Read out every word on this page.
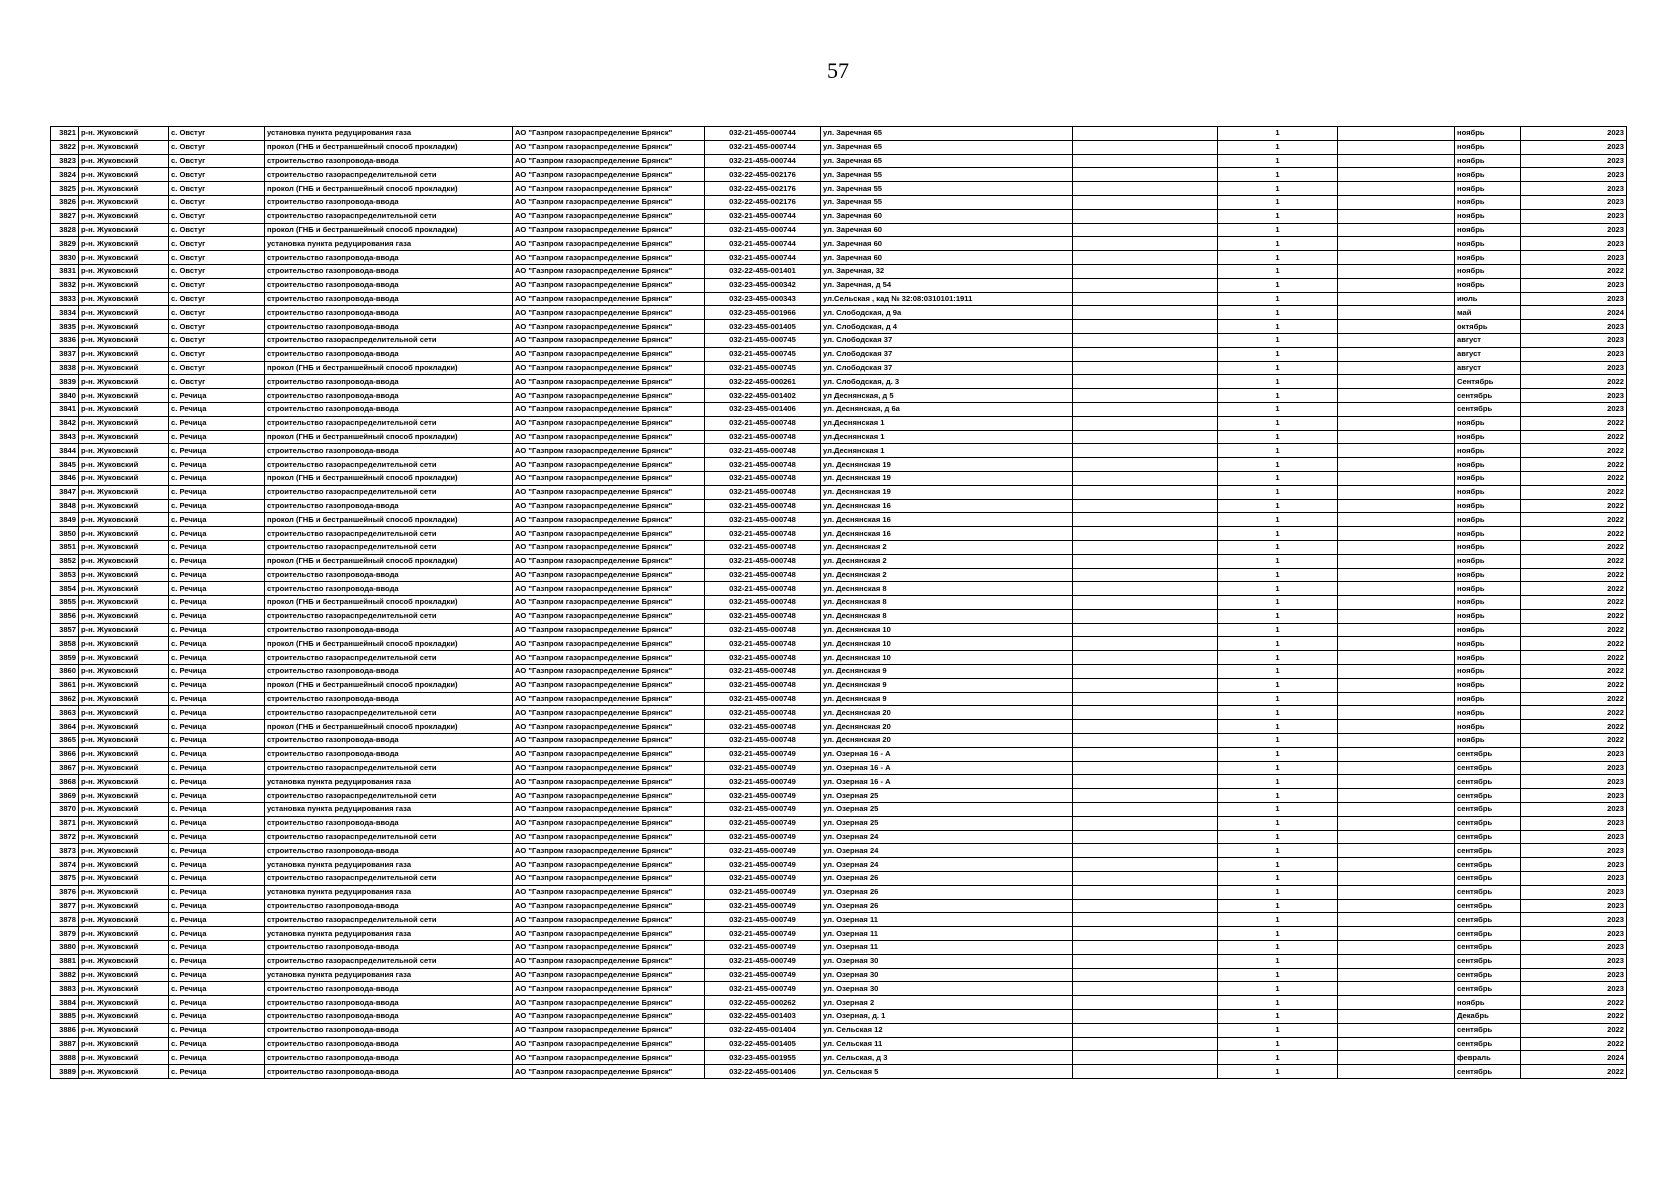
57
3821	р-н. Жуковский	с. Овстуг	установка пункта редуцирования газа	АО "Газпром газораспределение Брянск"	032-21-455-000744	ул. Заречная 65		1		ноябрь	2023
3822	р-н. Жуковский	с. Овстуг	прокол (ГНБ и бестраншейный способ прокладки)	АО "Газпром газораспределение Брянск"	032-21-455-000744	ул. Заречная 65		1		ноябрь	2023
3823	р-н. Жуковский	с. Овстуг	строительство газопровода-ввода	АО "Газпром газораспределение Брянск"	032-21-455-000744	ул. Заречная 65		1		ноябрь	2023
3824	р-н. Жуковский	с. Овстуг	строительство газораспределительной сети	АО "Газпром газораспределение Брянск"	032-22-455-002176	ул. Заречная 55		1		ноябрь	2023
3825	р-н. Жуковский	с. Овстуг	прокол (ГНБ и бестраншейный способ прокладки)	АО "Газпром газораспределение Брянск"	032-22-455-002176	ул. Заречная 55		1		ноябрь	2023
3826	р-н. Жуковский	с. Овстуг	строительство газопровода-ввода	АО "Газпром газораспределение Брянск"	032-22-455-002176	ул. Заречная 55		1		ноябрь	2023
3827	р-н. Жуковский	с. Овстуг	строительство газораспределительной сети	АО "Газпром газораспределение Брянск"	032-21-455-000744	ул. Заречная 60		1		ноябрь	2023
3828	р-н. Жуковский	с. Овстуг	прокол (ГНБ и бестраншейный способ прокладки)	АО "Газпром газораспределение Брянск"	032-21-455-000744	ул. Заречная 60		1		ноябрь	2023
3829	р-н. Жуковский	с. Овстуг	установка пункта редуцирования газа	АО "Газпром газораспределение Брянск"	032-21-455-000744	ул. Заречная 60		1		ноябрь	2023
3830	р-н. Жуковский	с. Овстуг	строительство газопровода-ввода	АО "Газпром газораспределение Брянск"	032-21-455-000744	ул. Заречная 60		1		ноябрь	2023
3831	р-н. Жуковский	с. Овстуг	строительство газопровода-ввода	АО "Газпром газораспределение Брянск"	032-22-455-001401	ул. Заречная, 32		1		ноябрь	2022
3832	р-н. Жуковский	с. Овстуг	строительство газопровода-ввода	АО "Газпром газораспределение Брянск"	032-23-455-000342	ул. Заречная, д 54		1		ноябрь	2023
3833	р-н. Жуковский	с. Овстуг	строительство газопровода-ввода	АО "Газпром газораспределение Брянск"	032-23-455-000343	ул.Сельская , кад № 32:08:0310101:1911		1		июль	2023
3834	р-н. Жуковский	с. Овстуг	строительство газопровода-ввода	АО "Газпром газораспределение Брянск"	032-23-455-001966	ул. Слободская, д 9а		1		май	2024
3835	р-н. Жуковский	с. Овстуг	строительство газопровода-ввода	АО "Газпром газораспределение Брянск"	032-23-455-001405	ул. Слободская, д 4		1		октябрь	2023
3836	р-н. Жуковский	с. Овстуг	строительство газораспределительной сети	АО "Газпром газораспределение Брянск"	032-21-455-000745	ул. Слободская 37		1		август	2023
3837	р-н. Жуковский	с. Овстуг	строительство газопровода-ввода	АО "Газпром газораспределение Брянск"	032-21-455-000745	ул. Слободская 37		1		август	2023
3838	р-н. Жуковский	с. Овстуг	прокол (ГНБ и бестраншейный способ прокладки)	АО "Газпром газораспределение Брянск"	032-21-455-000745	ул. Слободская 37		1		август	2023
3839	р-н. Жуковский	с. Овстуг	строительство газопровода-ввода	АО "Газпром газораспределение Брянск"	032-22-455-000261	ул. Слободская, д. 3		1		Сентябрь	2022
3840	р-н. Жуковский	с. Речица	строительство газопровода-ввода	АО "Газпром газораспределение Брянск"	032-22-455-001402	ул Деснянская, д 5		1		сентябрь	2023
3841	р-н. Жуковский	с. Речица	строительство газопровода-ввода	АО "Газпром газораспределение Брянск"	032-23-455-001406	ул. Деснянская, д 6а		1		сентябрь	2023
3842	р-н. Жуковский	с. Речица	строительство газораспределительной сети	АО "Газпром газораспределение Брянск"	032-21-455-000748	ул.Деснянская 1		1		ноябрь	2022
3843	р-н. Жуковский	с. Речица	прокол (ГНБ и бестраншейный способ прокладки)	АО "Газпром газораспределение Брянск"	032-21-455-000748	ул.Деснянская 1		1		ноябрь	2022
3844	р-н. Жуковский	с. Речица	строительство газопровода-ввода	АО "Газпром газораспределение Брянск"	032-21-455-000748	ул.Деснянская 1		1		ноябрь	2022
3845	р-н. Жуковский	с. Речица	строительство газораспределительной сети	АО "Газпром газораспределение Брянск"	032-21-455-000748	ул. Деснянская 19		1		ноябрь	2022
3846	р-н. Жуковский	с. Речица	прокол (ГНБ и бестраншейный способ прокладки)	АО "Газпром газораспределение Брянск"	032-21-455-000748	ул. Деснянская 19		1		ноябрь	2022
3847	р-н. Жуковский	с. Речица	строительство газораспределительной сети	АО "Газпром газораспределение Брянск"	032-21-455-000748	ул. Деснянская 19		1		ноябрь	2022
3848	р-н. Жуковский	с. Речица	строительство газопровода-ввода	АО "Газпром газораспределение Брянск"	032-21-455-000748	ул. Деснянская 16		1		ноябрь	2022
3849	р-н. Жуковский	с. Речица	прокол (ГНБ и бестраншейный способ прокладки)	АО "Газпром газораспределение Брянск"	032-21-455-000748	ул. Деснянская 16		1		ноябрь	2022
3850	р-н. Жуковский	с. Речица	строительство газораспределительной сети	АО "Газпром газораспределение Брянск"	032-21-455-000748	ул. Деснянская 16		1		ноябрь	2022
3851	р-н. Жуковский	с. Речица	строительство газораспределительной сети	АО "Газпром газораспределение Брянск"	032-21-455-000748	ул. Деснянская 2		1		ноябрь	2022
3852	р-н. Жуковский	с. Речица	прокол (ГНБ и бестраншейный способ прокладки)	АО "Газпром газораспределение Брянск"	032-21-455-000748	ул. Деснянская 2		1		ноябрь	2022
3853	р-н. Жуковский	с. Речица	строительство газопровода-ввода	АО "Газпром газораспределение Брянск"	032-21-455-000748	ул. Деснянская 2		1		ноябрь	2022
3854	р-н. Жуковский	с. Речица	строительство газопровода-ввода	АО "Газпром газораспределение Брянск"	032-21-455-000748	ул. Деснянская 8		1		ноябрь	2022
3855	р-н. Жуковский	с. Речица	прокол (ГНБ и бестраншейный способ прокладки)	АО "Газпром газораспределение Брянск"	032-21-455-000748	ул. Деснянская 8		1		ноябрь	2022
3856	р-н. Жуковский	с. Речица	строительство газораспределительной сети	АО "Газпром газораспределение Брянск"	032-21-455-000748	ул. Деснянская 8		1		ноябрь	2022
3857	р-н. Жуковский	с. Речица	строительство газопровода-ввода	АО "Газпром газораспределение Брянск"	032-21-455-000748	ул. Деснянская 10		1		ноябрь	2022
3858	р-н. Жуковский	с. Речица	прокол (ГНБ и бестраншейный способ прокладки)	АО "Газпром газораспределение Брянск"	032-21-455-000748	ул. Деснянская 10		1		ноябрь	2022
3859	р-н. Жуковский	с. Речица	строительство газораспределительной сети	АО "Газпром газораспределение Брянск"	032-21-455-000748	ул. Деснянская 10		1		ноябрь	2022
3860	р-н. Жуковский	с. Речица	строительство газопровода-ввода	АО "Газпром газораспределение Брянск"	032-21-455-000748	ул. Деснянская 9		1		ноябрь	2022
3861	р-н. Жуковский	с. Речица	прокол (ГНБ и бестраншейный способ прокладки)	АО "Газпром газораспределение Брянск"	032-21-455-000748	ул. Деснянская 9		1		ноябрь	2022
3862	р-н. Жуковский	с. Речица	строительство газопровода-ввода	АО "Газпром газораспределение Брянск"	032-21-455-000748	ул. Деснянская 9		1		ноябрь	2022
3863	р-н. Жуковский	с. Речица	строительство газораспределительной сети	АО "Газпром газораспределение Брянск"	032-21-455-000748	ул. Деснянская 20		1		ноябрь	2022
3864	р-н. Жуковский	с. Речица	прокол (ГНБ и бестраншейный способ прокладки)	АО "Газпром газораспределение Брянск"	032-21-455-000748	ул. Деснянская 20		1		ноябрь	2022
3865	р-н. Жуковский	с. Речица	строительство газопровода-ввода	АО "Газпром газораспределение Брянск"	032-21-455-000748	ул. Деснянская 20		1		ноябрь	2022
3866	р-н. Жуковский	с. Речица	строительство газопровода-ввода	АО "Газпром газораспределение Брянск"	032-21-455-000749	ул. Озерная 16 - А		1		сентябрь	2023
3867	р-н. Жуковский	с. Речица	строительство газораспределительной сети	АО "Газпром газораспределение Брянск"	032-21-455-000749	ул. Озерная 16 - А		1		сентябрь	2023
3868	р-н. Жуковский	с. Речица	установка пункта редуцирования газа	АО "Газпром газораспределение Брянск"	032-21-455-000749	ул. Озерная 16 - А		1		сентябрь	2023
3869	р-н. Жуковский	с. Речица	строительство газораспределительной сети	АО "Газпром газораспределение Брянск"	032-21-455-000749	ул. Озерная 25		1		сентябрь	2023
3870	р-н. Жуковский	с. Речица	установка пункта редуцирования газа	АО "Газпром газораспределение Брянск"	032-21-455-000749	ул. Озерная 25		1		сентябрь	2023
3871	р-н. Жуковский	с. Речица	строительство газопровода-ввода	АО "Газпром газораспределение Брянск"	032-21-455-000749	ул. Озерная 25		1		сентябрь	2023
3872	р-н. Жуковский	с. Речица	строительство газораспределительной сети	АО "Газпром газораспределение Брянск"	032-21-455-000749	ул. Озерная 24		1		сентябрь	2023
3873	р-н. Жуковский	с. Речица	строительство газопровода-ввода	АО "Газпром газораспределение Брянск"	032-21-455-000749	ул. Озерная 24		1		сентябрь	2023
3874	р-н. Жуковский	с. Речица	установка пункта редуцирования газа	АО "Газпром газораспределение Брянск"	032-21-455-000749	ул. Озерная 24		1		сентябрь	2023
3875	р-н. Жуковский	с. Речица	строительство газораспределительной сети	АО "Газпром газораспределение Брянск"	032-21-455-000749	ул. Озерная 26		1		сентябрь	2023
3876	р-н. Жуковский	с. Речица	установка пункта редуцирования газа	АО "Газпром газораспределение Брянск"	032-21-455-000749	ул. Озерная 26		1		сентябрь	2023
3877	р-н. Жуковский	с. Речица	строительство газопровода-ввода	АО "Газпром газораспределение Брянск"	032-21-455-000749	ул. Озерная 26		1		сентябрь	2023
3878	р-н. Жуковский	с. Речица	строительство газораспределительной сети	АО "Газпром газораспределение Брянск"	032-21-455-000749	ул. Озерная 11		1		сентябрь	2023
3879	р-н. Жуковский	с. Речица	установка пункта редуцирования газа	АО "Газпром газораспределение Брянск"	032-21-455-000749	ул. Озерная 11		1		сентябрь	2023
3880	р-н. Жуковский	с. Речица	строительство газопровода-ввода	АО "Газпром газораспределение Брянск"	032-21-455-000749	ул. Озерная 11		1		сентябрь	2023
3881	р-н. Жуковский	с. Речица	строительство газораспределительной сети	АО "Газпром газораспределение Брянск"	032-21-455-000749	ул. Озерная 30		1		сентябрь	2023
3882	р-н. Жуковский	с. Речица	установка пункта редуцирования газа	АО "Газпром газораспределение Брянск"	032-21-455-000749	ул. Озерная 30		1		сентябрь	2023
3883	р-н. Жуковский	с. Речица	строительство газопровода-ввода	АО "Газпром газораспределение Брянск"	032-21-455-000749	ул. Озерная 30		1		сентябрь	2023
3884	р-н. Жуковский	с. Речица	строительство газопровода-ввода	АО "Газпром газораспределение Брянск"	032-22-455-000262	ул. Озерная 2		1		ноябрь	2022
3885	р-н. Жуковский	с. Речица	строительство газопровода-ввода	АО "Газпром газораспределение Брянск"	032-22-455-001403	ул. Озерная, д. 1		1		Декабрь	2022
3886	р-н. Жуковский	с. Речица	строительство газопровода-ввода	АО "Газпром газораспределение Брянск"	032-22-455-001404	ул. Сельская 12		1		сентябрь	2022
3887	р-н. Жуковский	с. Речица	строительство газопровода-ввода	АО "Газпром газораспределение Брянск"	032-22-455-001405	ул. Сельская 11		1		сентябрь	2022
3888	р-н. Жуковский	с. Речица	строительство газопровода-ввода	АО "Газпром газораспределение Брянск"	032-23-455-001955	ул. Сельская, д 3		1		февраль	2024
3889	р-н. Жуковский	с. Речица	строительство газопровода-ввода	АО "Газпром газораспределение Брянск"	032-22-455-001406	ул. Сельская 5		1		сентябрь	2022
